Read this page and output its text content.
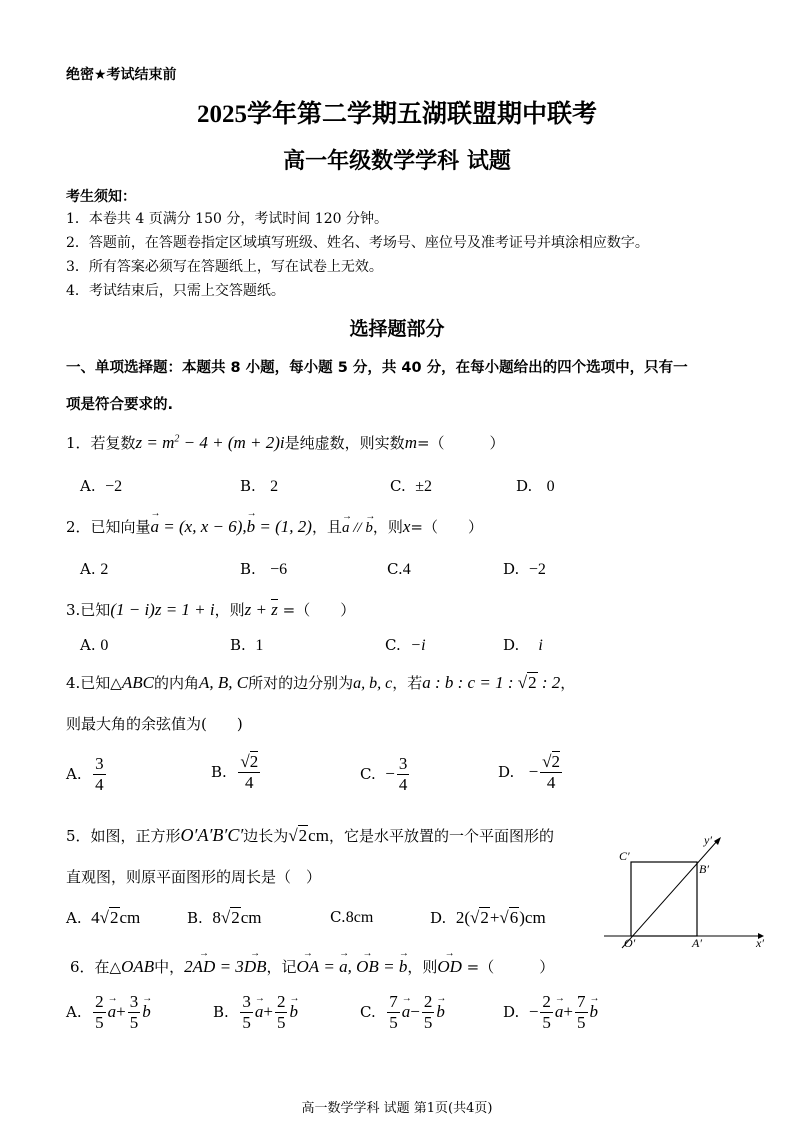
绝密★考试结束前
2025学年第二学期五湖联盟期中联考
高一年级数学学科 试题
考生须知：
1．本卷共 4 页满分 150 分，考试时间 120 分钟。
2．答题前，在答题卷指定区域填写班级、姓名、考场号、座位号及准考证号并填涂相应数字。
3．所有答案必须写在答题纸上，写在试卷上无效。
4．考试结束后，只需上交答题纸。
选择题部分
一、单项选择题：本题共 8 小题，每小题 5 分，共 40 分，在每小题给出的四个选项中，只有一
项是符合要求的.
1．若复数$z = m^2 - 4 + (m + 2)i$是纯虚数，则实数m=（　　　）
A. −2	B. 2	C. ±2	D. 0
2．已知向量→ a = (x, x − 6),→ b = (1, 2)，且→ a // → b，则x=（　　）
A. 2	B. −6	C.4	D. −2
3.已知(1 − i)z = 1 + i，则z + z =（　　）
A. 0	B. 1	C. −i	D. i
4.已知△ABC的内角A, B, C所对的边分别为a, b, c，若a : b : c = 1 : √2 : 2，
则最大角的余弦值为(　　)
A.
$\frac{3}{4}$	B.
$\frac{√2}{4}$	C.
− $\frac{3}{4}$	D.
− $\frac{√2}{4}$
5．如图，正方形O′A′B′C′边长为√2cm，它是水平放置的一个平面图形的
直观图，则原平面图形的周长是（　）
A. 4√2cm	B. 8√2cm	C.8cm	D. 2(√2+√6)cm
C′
B′
O′	A′	x′
y′
6．在△OAB中，2→ AD = 3→ DB，记→ OA = → a, → OB = → b，则→ OD =（　　　）
A.
$\frac{2}{5}$
→ $a + \frac{3}{5}$
→ b	B.
$\frac{3}{5}$
→ $a + \frac{2}{5}$
→ b	C.
$\frac{7}{5}$
→ $a - \frac{2}{5}$
→ b	D.
− $\frac{2}{5}$
→ $a + \frac{7}{5}$
→ b
高一数学学科 试题 第1页(共4页)
